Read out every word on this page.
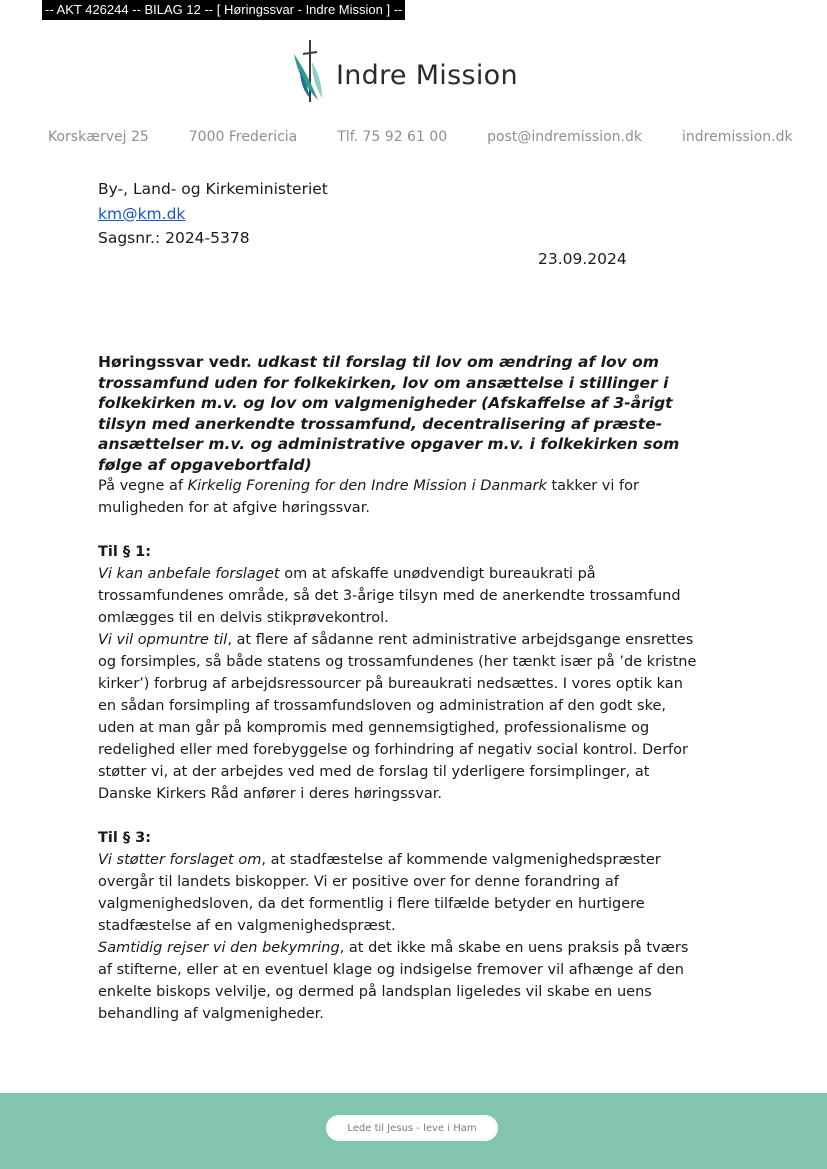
-- AKT 426244 -- BILAG 12 -- [ Høringssvar - Indre Mission ] --
Indre Mission
Korskærvej 25	7000 Fredericia	Tlf. 75 92 61 00	post@indremission.dk	indremission.dk
By-, Land- og Kirkeministeriet
km@km.dk
Sagsnr.: 2024-5378
23.09.2024

Høringssvar vedr. udkast til forslag til lov om ændring af lov om trossamfund uden for folkekirken, lov om ansættelse i stillinger i folkekirken m.v. og lov om valgmenigheder (Afskaffelse af 3-årigt tilsyn med anerkendte trossamfund, decentralisering af præste-ansættelser m.v. og administrative opgaver m.v. i folkekirken som følge af opgavebortfald)

På vegne af Kirkelig Forening for den Indre Mission i Danmark takker vi for muligheden for at afgive høringssvar.

Til § 1:

Vi kan anbefale forslaget om at afskaffe unødvendigt bureaukrati på trossamfundenes område, så det 3-årige tilsyn med de anerkendte trossamfund omlægges til en delvis stikprøvekontrol.

Vi vil opmuntre til, at flere af sådanne rent administrative arbejdsgange ensrettes og forsimples, så både statens og trossamfundenes (her tænkt især på ’de kristne kirker’) forbrug af arbejdsressourcer på bureaukrati nedsættes. I vores optik kan en sådan forsimpling af trossamfundsloven og administration af den godt ske, uden at man går på kompromis med gennemsigtighed, professionalisme og redelighed eller med forebyggelse og forhindring af negativ social kontrol. Derfor støtter vi, at der arbejdes ved med de forslag til yderligere forsimplinger, at Danske Kirkers Råd anfører i deres høringssvar.

Til § 3:

Vi støtter forslaget om, at stadfæstelse af kommende valgmenighedspræster overgår til landets biskopper. Vi er positive over for denne forandring af valgmenighedsloven, da det formentlig i flere tilfælde betyder en hurtigere stadfæstelse af en valgmenighedspræst.

Samtidig rejser vi den bekymring, at det ikke må skabe en uens praksis på tværs af stifterne, eller at en eventuel klage og indsigelse fremover vil afhænge af den enkelte biskops velvilje, og dermed på landsplan ligeledes vil skabe en uens behandling af valgmenigheder.

Lede til Jesus - leve i Ham
